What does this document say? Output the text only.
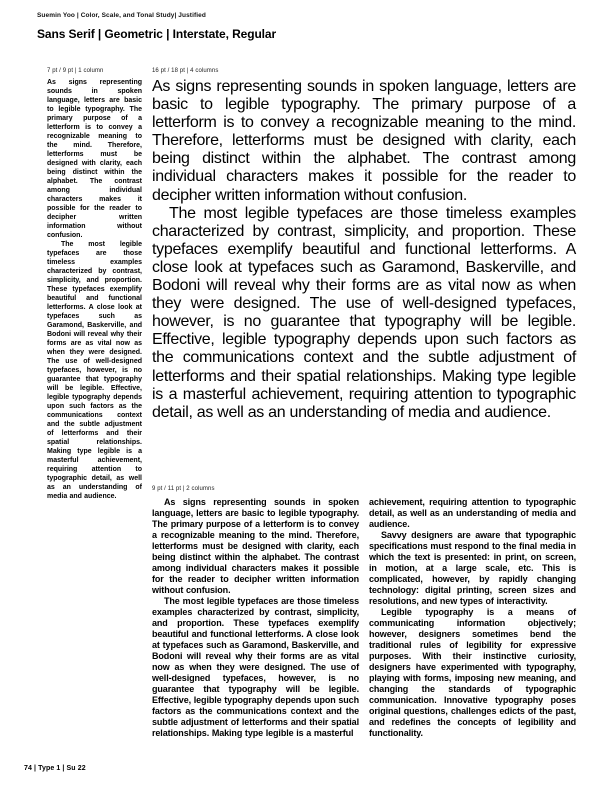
Suemin Yoo | Color, Scale, and Tonal Study| Justified
Sans Serif | Geometric | Interstate, Regular
7 pt / 9 pt | 1 column

As signs representing sounds in spoken language, letters are basic to legible typography. The primary purpose of a letterform is to convey a recognizable meaning to the mind. Therefore, letterforms must be designed with clarity, each being distinct within the alphabet. The contrast among individual characters makes it possible for the reader to decipher written information without confusion.

The most legible typefaces are those timeless examples characterized by contrast, simplicity, and proportion. These typefaces exemplify beautiful and functional letterforms. A close look at typefaces such as Garamond, Baskerville, and Bodoni will reveal why their forms are as vital now as when they were designed. The use of well-designed typefaces, however, is no guarantee that typography will be legible. Effective, legible typography depends upon such factors as the communications context and the subtle adjustment of letterforms and their spatial relationships. Making type legible is a masterful achievement, requiring attention to typographic detail, as well as an understanding of media and audience.

16 pt / 18 pt | 4 columns

As signs representing sounds in spoken language, letters are basic to legible typography. The primary purpose of a letterform is to convey a recognizable meaning to the mind. Therefore, letterforms must be designed with clarity, each being distinct within the alphabet. The contrast among individual characters makes it possible for the reader to decipher written information without confusion.

The most legible typefaces are those timeless examples characterized by contrast, simplicity, and proportion. These typefaces exemplify beautiful and functional letterforms. A close look at typefaces such as Garamond, Baskerville, and Bodoni will reveal why their forms are as vital now as when they were designed. The use of well-designed typefaces, however, is no guarantee that typography will be legible. Effective, legible typography depends upon such factors as the communications context and the subtle adjustment of letterforms and their spatial relationships. Making type legible is a masterful achievement, requiring attention to typographic detail, as well as an understanding of media and audience.

9 pt / 11 pt | 2 columns

As signs representing sounds in spoken language, letters are basic to legible typography. The primary purpose of a letterform is to convey a recognizable meaning to the mind. Therefore, letterforms must be designed with clarity, each being distinct within the alphabet. The contrast among individual characters makes it possible for the reader to decipher written information without confusion.

The most legible typefaces are those timeless examples characterized by contrast, simplicity, and proportion. These typefaces exemplify beautiful and functional letterforms. A close look at typefaces such as Garamond, Baskerville, and Bodoni will reveal why their forms are as vital now as when they were designed. The use of well-designed typefaces, however, is no guarantee that typography will be legible. Effective, legible typography depends upon such factors as the communications context and the subtle adjustment of letterforms and their spatial relationships. Making type legible is a masterful

achievement, requiring attention to typographic detail, as well as an understanding of media and audience.

Savvy designers are aware that typographic specifications must respond to the final media in which the text is presented: in print, on screen, in motion, at a large scale, etc. This is complicated, however, by rapidly changing technology: digital printing, screen sizes and resolutions, and new types of interactivity.

Legible typography is a means of communicating information objectively; however, designers sometimes bend the traditional rules of legibility for expressive purposes. With their instinctive curiosity, designers have experimented with typography, playing with forms, imposing new meaning, and changing the standards of typographic communication. Innovative typography poses original questions, challenges edicts of the past, and redefines the concepts of legibility and functionality.

74 | Type 1 | Su 22
